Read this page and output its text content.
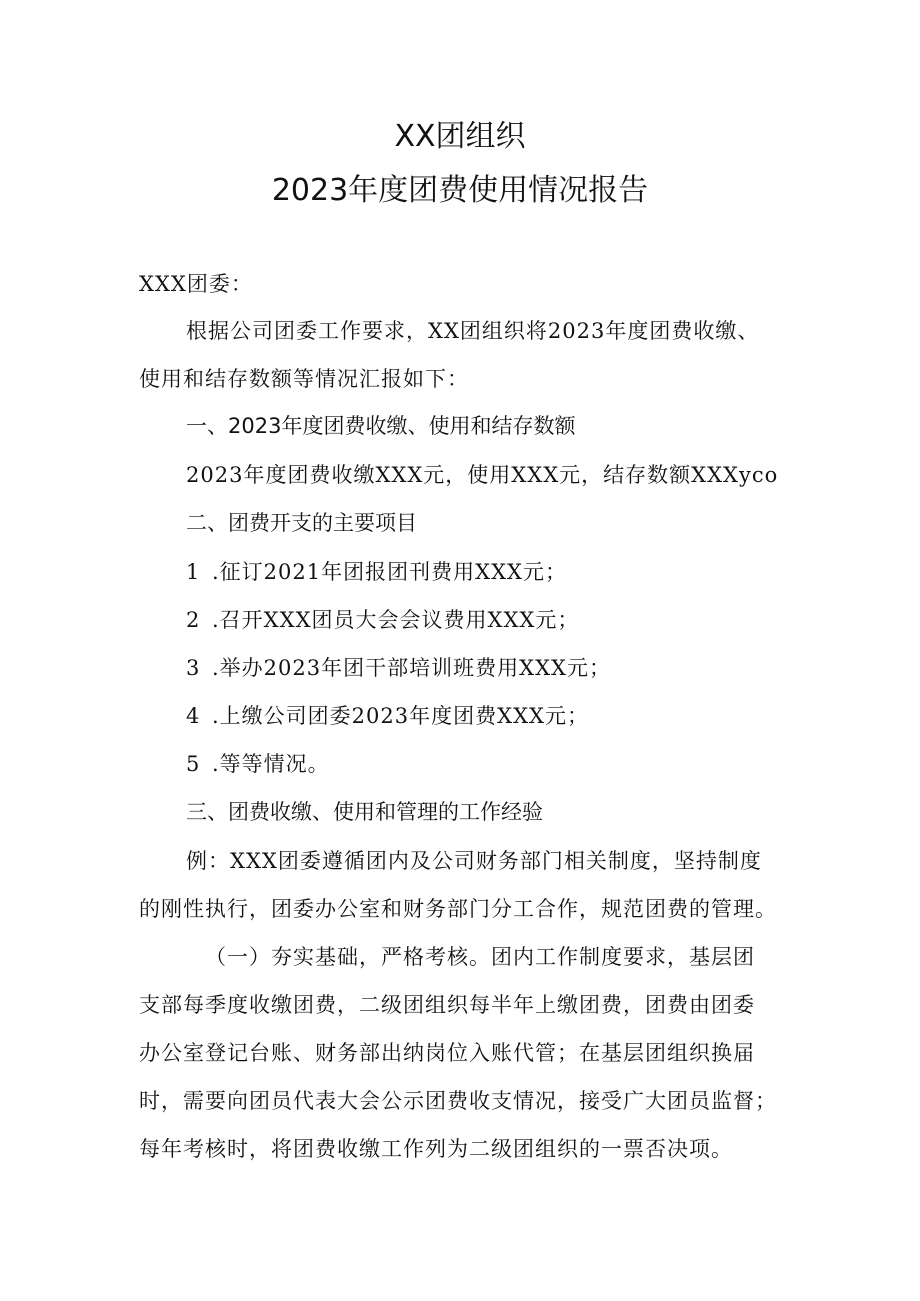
XX团组织
2023年度团费使用情况报告
XXX团委：
根据公司团委工作要求，XX团组织将2023年度团费收缴、
使用和结存数额等情况汇报如下：
一、2023年度团费收缴、使用和结存数额
2023年度团费收缴XXX元，使用XXX元，结存数额XXXyco
二、团费开支的主要项目
1 .征订2021年团报团刊费用XXX元；
2 .召开XXX团员大会会议费用XXX元；
3 .举办2023年团干部培训班费用XXX元；
4 .上缴公司团委2023年度团费XXX元；
5 .等等情况。
三、团费收缴、使用和管理的工作经验
例：XXX团委遵循团内及公司财务部门相关制度，坚持制度
的刚性执行，团委办公室和财务部门分工合作，规范团费的管理。
（一）夯实基础，严格考核。团内工作制度要求，基层团
支部每季度收缴团费，二级团组织每半年上缴团费，团费由团委
办公室登记台账、财务部出纳岗位入账代管；在基层团组织换届
时，需要向团员代表大会公示团费收支情况，接受广大团员监督；
每年考核时，将团费收缴工作列为二级团组织的一票否决项。
